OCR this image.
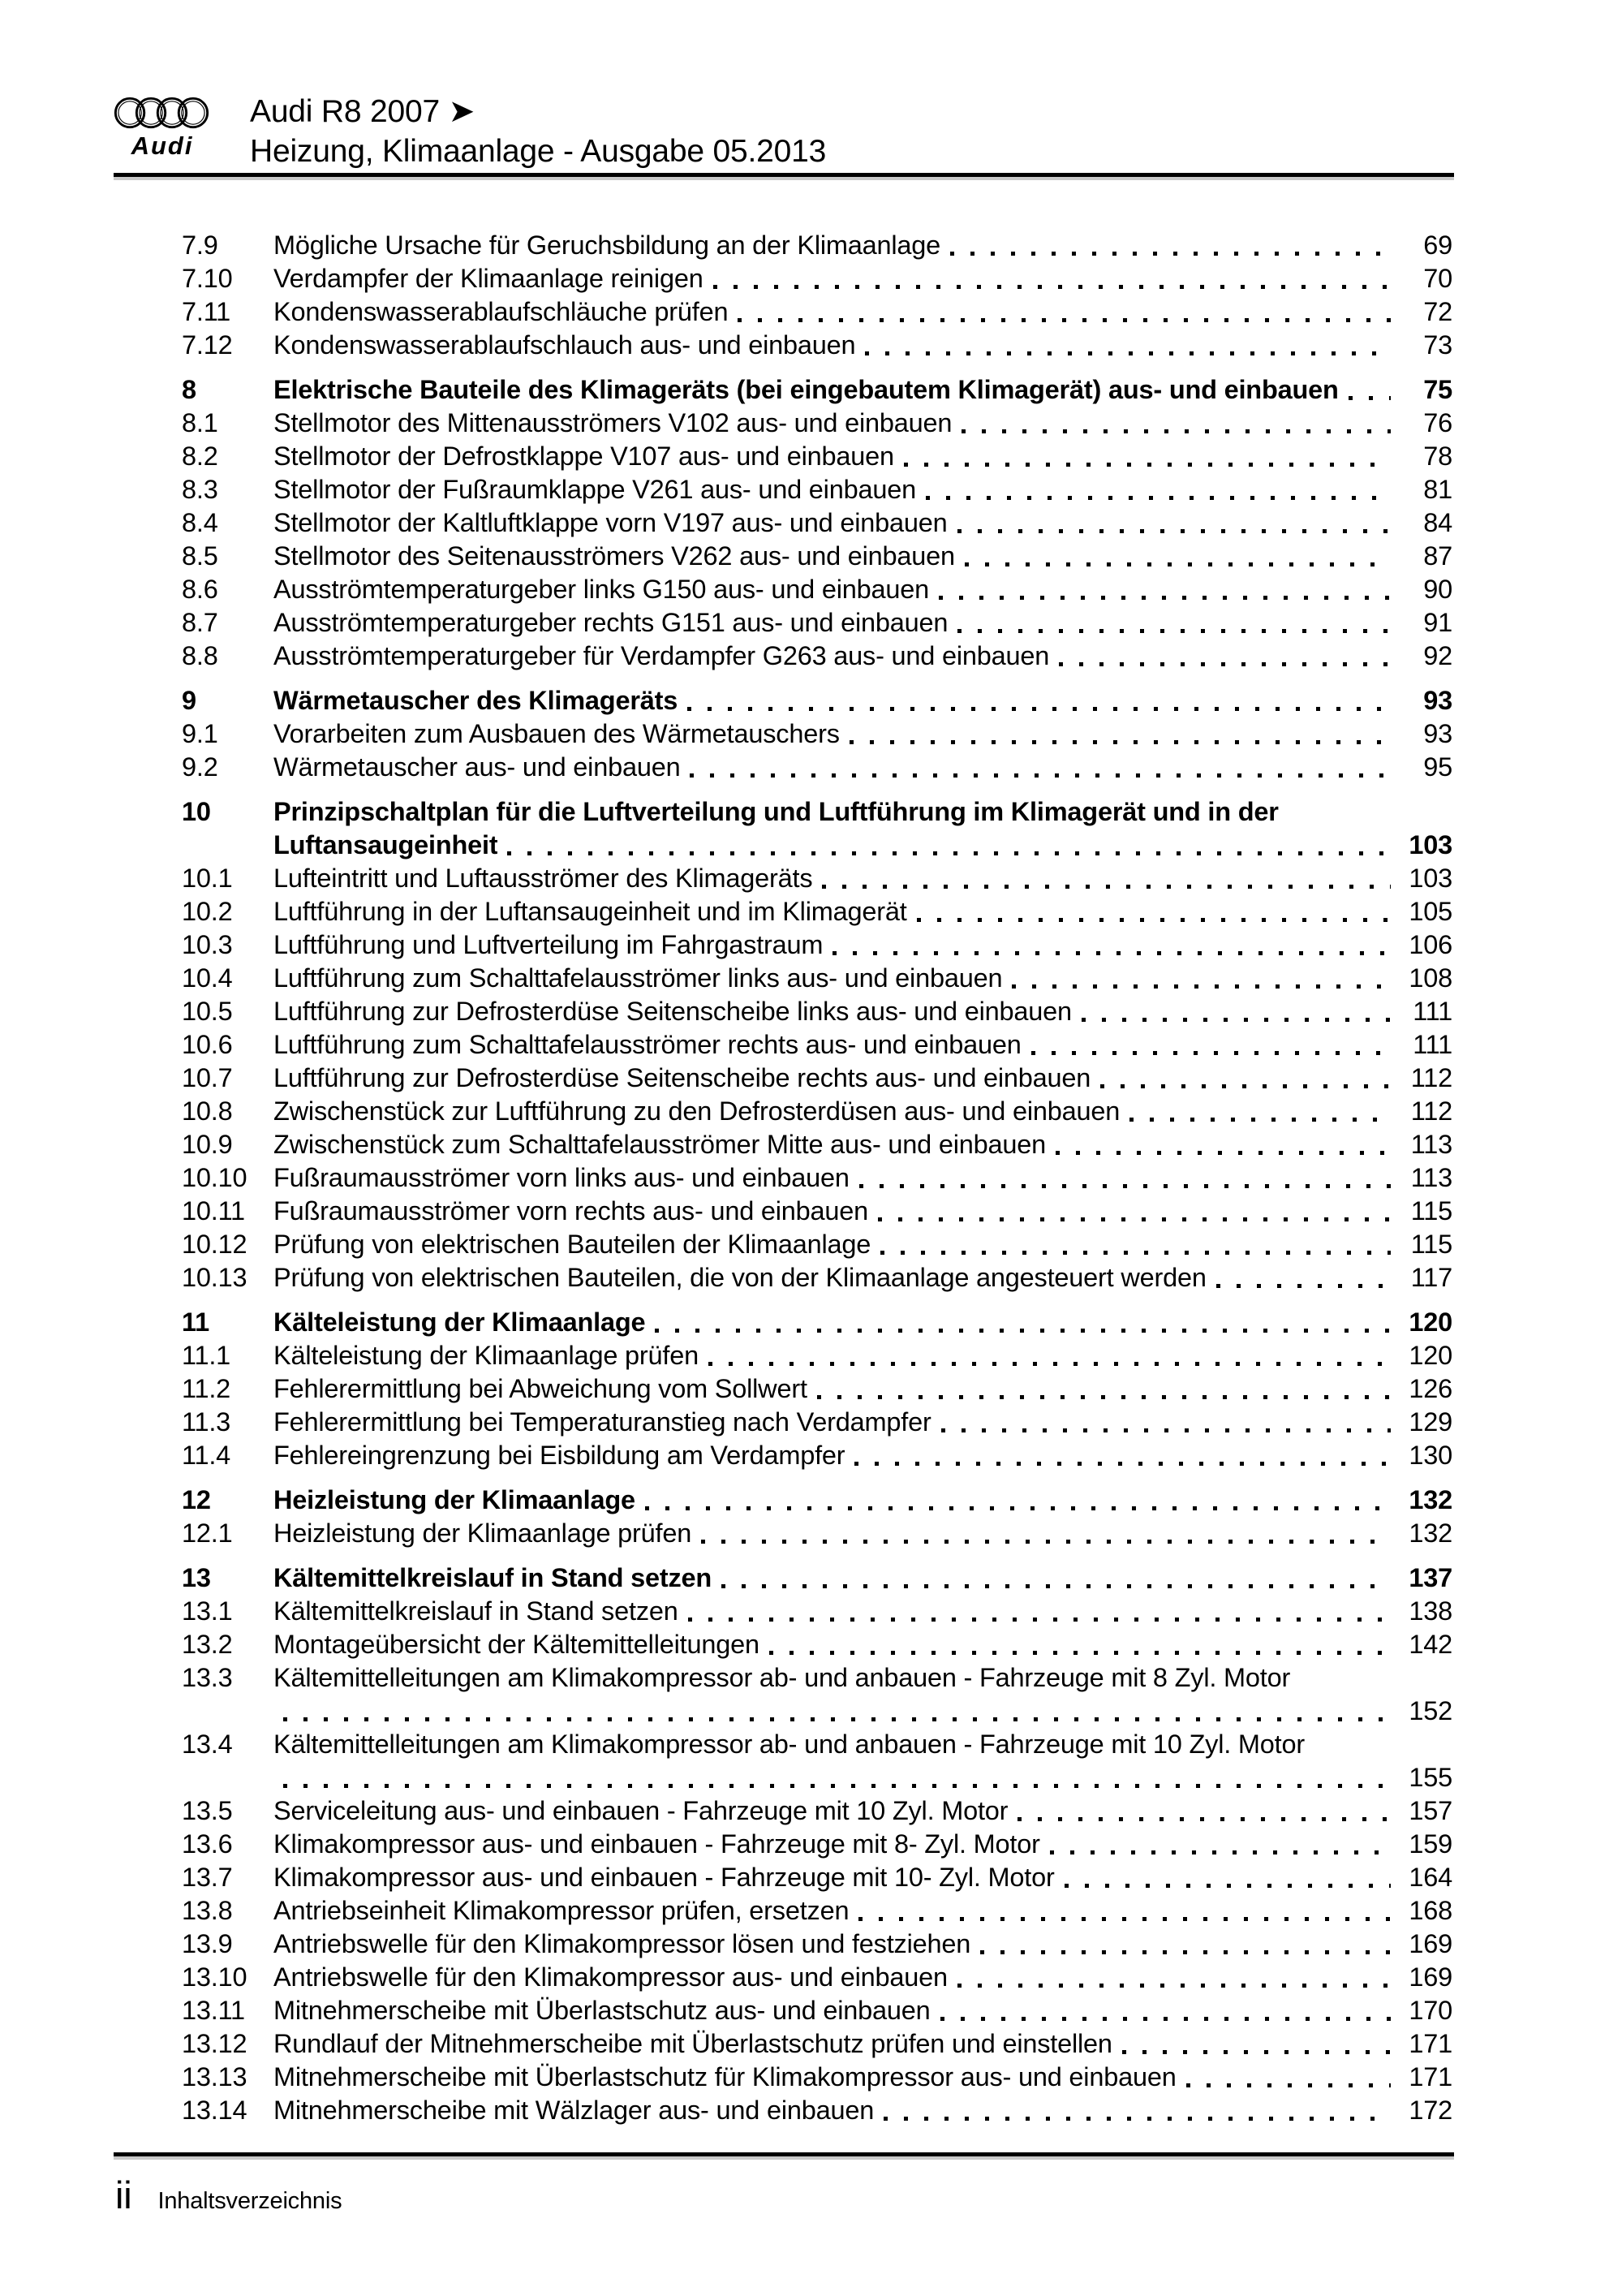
Audi
Audi R8 2007 ➤
Heizung, Klimaanlage - Ausgabe 05.2013
7.9	Mögliche Ursache für Geruchsbildung an der Klimaanlage	69
7.10	Verdampfer der Klimaanlage reinigen	70
7.11	Kondenswasserablaufschläuche prüfen	72
7.12	Kondenswasserablaufschlauch aus- und einbauen	73
8	Elektrische Bauteile des Klimageräts (bei eingebautem Klimagerät) aus- und einbauen	75
8.1	Stellmotor des Mittenausströmers V102 aus- und einbauen	76
8.2	Stellmotor der Defrostklappe V107 aus- und einbauen	78
8.3	Stellmotor der Fußraumklappe V261 aus- und einbauen	81
8.4	Stellmotor der Kaltluftklappe vorn V197 aus- und einbauen	84
8.5	Stellmotor des Seitenausströmers V262 aus- und einbauen	87
8.6	Ausströmtemperaturgeber links G150 aus- und einbauen	90
8.7	Ausströmtemperaturgeber rechts G151 aus- und einbauen	91
8.8	Ausströmtemperaturgeber für Verdampfer G263 aus- und einbauen	92
9	Wärmetauscher des Klimageräts	93
9.1	Vorarbeiten zum Ausbauen des Wärmetauschers	93
9.2	Wärmetauscher aus- und einbauen	95
10	Prinzipschaltplan für die Luftverteilung und Luftführung im Klimagerät und in der
Luftansaugeinheit	103
10.1	Lufteintritt und Luftausströmer des Klimageräts	103
10.2	Luftführung in der Luftansaugeinheit und im Klimagerät	105
10.3	Luftführung und Luftverteilung im Fahrgastraum	106
10.4	Luftführung zum Schalttafelausströmer links aus- und einbauen	108
10.5	Luftführung zur Defrosterdüse Seitenscheibe links aus- und einbauen	111
10.6	Luftführung zum Schalttafelausströmer rechts aus- und einbauen	111
10.7	Luftführung zur Defrosterdüse Seitenscheibe rechts aus- und einbauen	112
10.8	Zwischenstück zur Luftführung zu den Defrosterdüsen aus- und einbauen	112
10.9	Zwischenstück zum Schalttafelausströmer Mitte aus- und einbauen	113
10.10	Fußraumausströmer vorn links aus- und einbauen	113
10.11	Fußraumausströmer vorn rechts aus- und einbauen	115
10.12	Prüfung von elektrischen Bauteilen der Klimaanlage	115
10.13	Prüfung von elektrischen Bauteilen, die von der Klimaanlage angesteuert werden	117
11	Kälteleistung der Klimaanlage	120
11.1	Kälteleistung der Klimaanlage prüfen	120
11.2	Fehlerermittlung bei Abweichung vom Sollwert	126
11.3	Fehlerermittlung bei Temperaturanstieg nach Verdampfer	129
11.4	Fehlereingrenzung bei Eisbildung am Verdampfer	130
12	Heizleistung der Klimaanlage	132
12.1	Heizleistung der Klimaanlage prüfen	132
13	Kältemittelkreislauf in Stand setzen	137
13.1	Kältemittelkreislauf in Stand setzen	138
13.2	Montageübersicht der Kältemittelleitungen	142
13.3	Kältemittelleitungen am Klimakompressor ab- und anbauen - Fahrzeuge mit 8 Zyl. Motor
152
13.4	Kältemittelleitungen am Klimakompressor ab- und anbauen - Fahrzeuge mit 10 Zyl. Motor
155
13.5	Serviceleitung aus- und einbauen - Fahrzeuge mit 10 Zyl. Motor	157
13.6	Klimakompressor aus- und einbauen - Fahrzeuge mit 8- Zyl. Motor	159
13.7	Klimakompressor aus- und einbauen - Fahrzeuge mit 10- Zyl. Motor	164
13.8	Antriebseinheit Klimakompressor prüfen, ersetzen	168
13.9	Antriebswelle für den Klimakompressor lösen und festziehen	169
13.10	Antriebswelle für den Klimakompressor aus- und einbauen	169
13.11	Mitnehmerscheibe mit Überlastschutz aus- und einbauen	170
13.12	Rundlauf der Mitnehmerscheibe mit Überlastschutz prüfen und einstellen	171
13.13	Mitnehmerscheibe mit Überlastschutz für Klimakompressor aus- und einbauen	171
13.14	Mitnehmerscheibe mit Wälzlager aus- und einbauen	172
ii Inhaltsverzeichnis
